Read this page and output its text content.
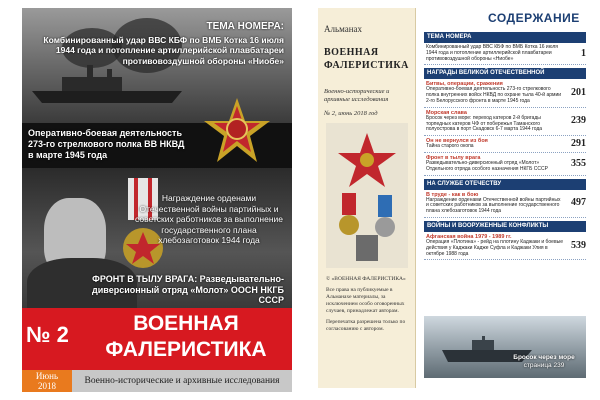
ТЕМА НОМЕРА:
Комбинированный удар ВВС КБФ по ВМБ Котка 16 июля 1944 года и потопление артиллерийской плавбатареи противовоздушной обороны «Ниобе»
Оперативно-боевая деятельность 273-го стрелкового полка ВВ НКВД в марте 1945 года
Награждение орденами Отечественной войны партийных и советских работников за выполнение государственного плана хлебозаготовок 1944 года
ФРОНТ В ТЫЛУ ВРАГА: Разведывательно-диверсионный отряд «Молот» ООСН НКГБ СССР
№ 2	ВОЕННАЯ
ФАЛЕРИСТИКА
Июнь
2018	Военно-исторические и архивные исследования
Альманах
ВОЕННАЯ ФАЛЕРИСТИКА
Военно-исторические и архивные исследования
№ 2, июнь 2018 год

© «ВОЕННАЯ ФАЛЕРИСТИКА»

Все права на публикуемые в Альманахе материалы, за исключением особо оговоренных случаев, принадлежат авторам.

Перепечатка разрешена только по согласованию с автором.

СОДЕРЖАНИЕ
ТЕМА НОМЕРА
Комбинированный удар ВВС КБФ по ВМБ Котка 16 июля 1944 года и потопление артиллерийской плавбатареи противовоздушной обороны «Ниобе»	1
НАГРАДЫ ВЕЛИКОЙ ОТЕЧЕСТВЕННОЙ
Битвы, операции, сражения
Оперативно-боевая деятельность 273-го стрелкового полка внутренних войск НКВД по охране тыла 40-й армии 2-го Белорусского фронта в марте 1945 года
201
Морская слава
Бросок через море: переход катеров 2-й бригады торпедных катеров ЧФ от побережья Таманского полуострова в порт Скадовск 6-7 марта 1944 года
239
Он не вернулся из боя
Тайна старого окопа	291
Фронт в тылу врага
Разведывательно-диверсионный отряд «Молот» Отдельного отряда особого назначения НКГБ СССР	355
НА СЛУЖБЕ ОТЕЧЕСТВУ
В труде - как в бою
Награждение орденами Отечественной войны партийных и советских работников за выполнение государственного плана хлебозаготовок 1944 года
497
ВОЙНЫ И ВООРУЖЕННЫЕ КОНФЛИКТЫ
Афганская война 1979 - 1989 гг.
Операция «Плотина» - рейд на плотину Каджаки и боевые действия у Каджаки Кадже Суфла и Каджаки Улия в октябре 1988 года
539
Бросок через море
страница 239
